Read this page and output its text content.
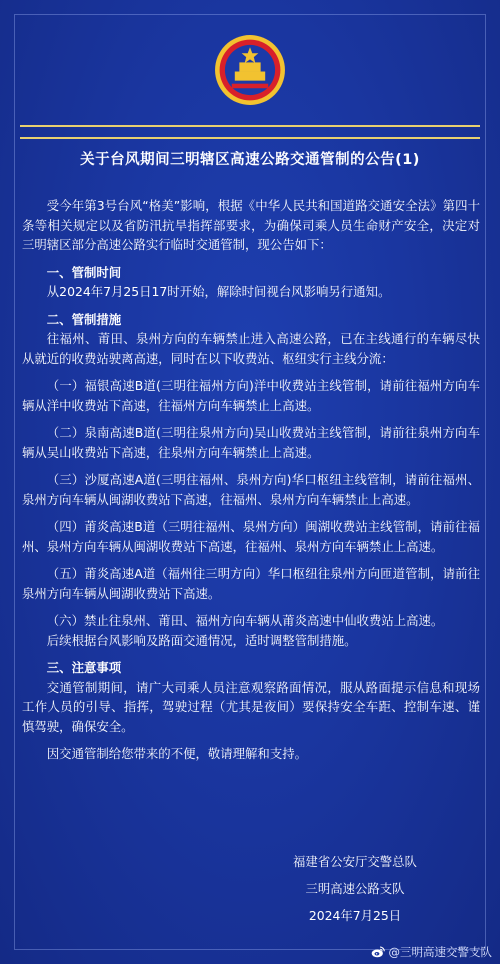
关于台风期间三明辖区高速公路交通管制的公告(1)

受今年第3号台风“格美”影响，根据《中华人民共和国道路交通安全法》第四十条等相关规定以及省防汛抗旱指挥部要求，为确保司乘人员生命财产安全，决定对三明辖区部分高速公路实行临时交通管制，现公告如下：

一、管制时间

从2024年7月25日17时开始，解除时间视台风影响另行通知。

二、管制措施

往福州、莆田、泉州方向的车辆禁止进入高速公路，已在主线通行的车辆尽快从就近的收费站驶离高速，同时在以下收费站、枢纽实行主线分流：

（一）福银高速B道(三明往福州方向)洋中收费站主线管制，请前往福州方向车辆从洋中收费站下高速，往福州方向车辆禁止上高速。

（二）泉南高速B道(三明往泉州方向)吴山收费站主线管制，请前往泉州方向车辆从吴山收费站下高速，往泉州方向车辆禁止上高速。

（三）沙厦高速A道(三明往福州、泉州方向)华口枢纽主线管制，请前往福州、泉州方向车辆从闽湖收费站下高速，往福州、泉州方向车辆禁止上高速。

（四）莆炎高速B道（三明往福州、泉州方向）闽湖收费站主线管制，请前往福州、泉州方向车辆从闽湖收费站下高速，往福州、泉州方向车辆禁止上高速。

（五）莆炎高速A道（福州往三明方向）华口枢纽往泉州方向匝道管制，请前往泉州方向车辆从闽湖收费站下高速。

（六）禁止往泉州、莆田、福州方向车辆从莆炎高速中仙收费站上高速。

后续根据台风影响及路面交通情况，适时调整管制措施。

三、注意事项

交通管制期间，请广大司乘人员注意观察路面情况，服从路面提示信息和现场工作人员的引导、指挥，驾驶过程（尤其是夜间）要保持安全车距、控制车速、谨慎驾驶，确保安全。

因交通管制给您带来的不便，敬请理解和支持。

福建省公安厅交警总队
三明高速公路支队
2024年7月25日
@三明高速交警支队
